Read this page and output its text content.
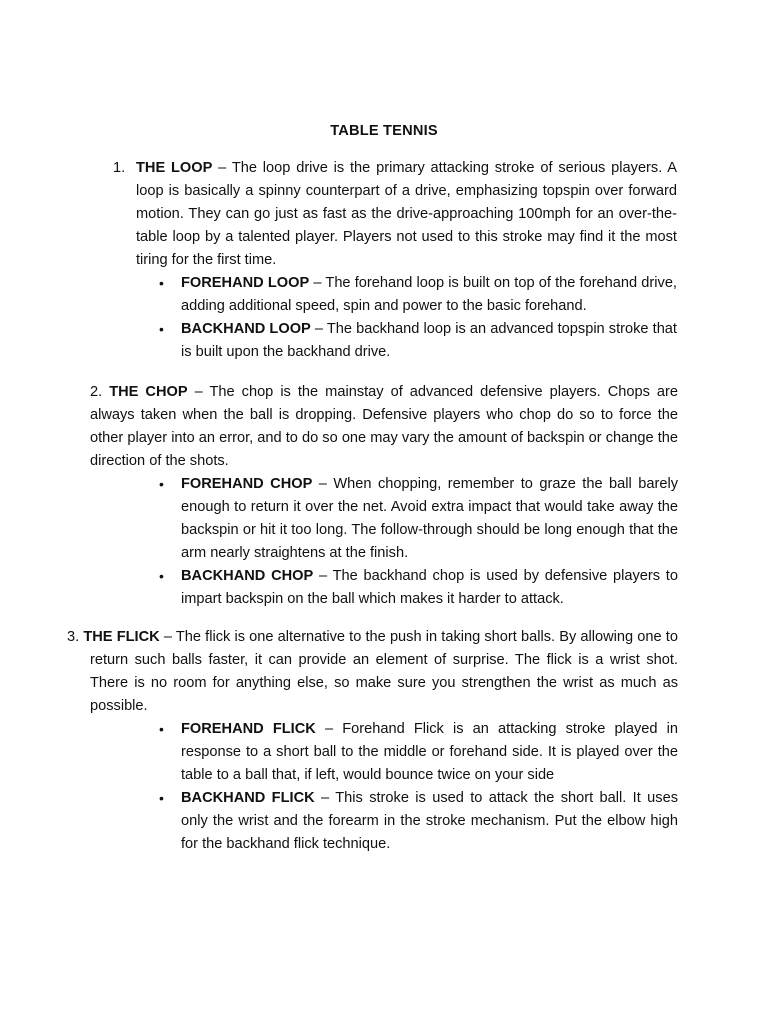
TABLE TENNIS
1. THE LOOP – The loop drive is the primary attacking stroke of serious players. A loop is basically a spinny counterpart of a drive, emphasizing topspin over forward motion. They can go just as fast as the drive-approaching 100mph for an over-the-table loop by a talented player. Players not used to this stroke may find it the most tiring for the first time.

• FOREHAND LOOP – The forehand loop is built on top of the forehand drive, adding additional speed, spin and power to the basic forehand.
• BACKHAND LOOP – The backhand loop is an advanced topspin stroke that is built upon the backhand drive.

2. THE CHOP – The chop is the mainstay of advanced defensive players. Chops are always taken when the ball is dropping. Defensive players who chop do so to force the other player into an error, and to do so one may vary the amount of backspin or change the direction of the shots.

• FOREHAND CHOP – When chopping, remember to graze the ball barely enough to return it over the net. Avoid extra impact that would take away the backspin or hit it too long. The follow-through should be long enough that the arm nearly straightens at the finish.
• BACKHAND CHOP – The backhand chop is used by defensive players to impart backspin on the ball which makes it harder to attack.

3. THE FLICK – The flick is one alternative to the push in taking short balls. By allowing one to return such balls faster, it can provide an element of surprise. The flick is a wrist shot. There is no room for anything else, so make sure you strengthen the wrist as much as possible.

• FOREHAND FLICK – Forehand Flick is an attacking stroke played in response to a short ball to the middle or forehand side. It is played over the table to a ball that, if left, would bounce twice on your side
• BACKHAND FLICK – This stroke is used to attack the short ball. It uses only the wrist and the forearm in the stroke mechanism. Put the elbow high for the backhand flick technique.
